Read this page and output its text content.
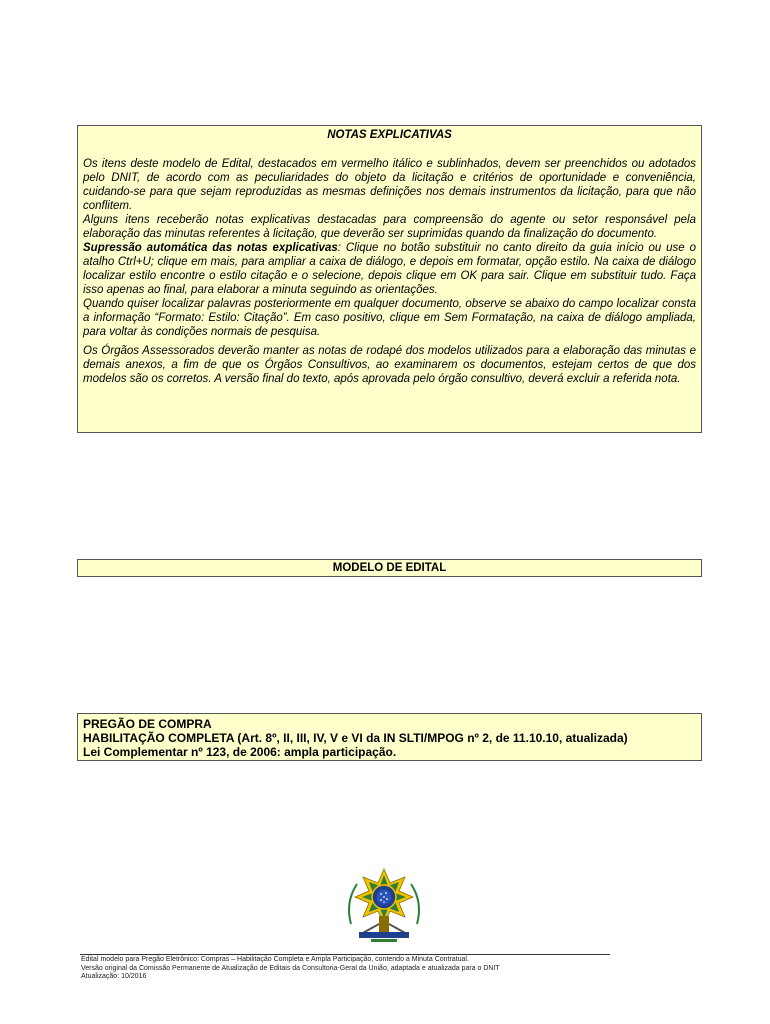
NOTAS EXPLICATIVAS

Os itens deste modelo de Edital, destacados em vermelho itálico e sublinhados, devem ser preenchidos ou adotados pelo DNIT, de acordo com as peculiaridades do objeto da licitação e critérios de oportunidade e conveniência, cuidando-se para que sejam reproduzidas as mesmas definições nos demais instrumentos da licitação, para que não conflitem.

Alguns itens receberão notas explicativas destacadas para compreensão do agente ou setor responsável pela elaboração das minutas referentes à licitação, que deverão ser suprimidas quando da finalização do documento.

Supressão automática das notas explicativas: Clique no botão substituir no canto direito da guia início ou use o atalho Ctrl+U; clique em mais, para ampliar a caixa de diálogo, e depois em formatar, opção estilo. Na caixa de diálogo localizar estilo encontre o estilo citação e o selecione, depois clique em OK para sair. Clique em substituir tudo. Faça isso apenas ao final, para elaborar a minuta seguindo as orientações.

Quando quiser localizar palavras posteriormente em qualquer documento, observe se abaixo do campo localizar consta a informação “Formato: Estilo: Citação”. Em caso positivo, clique em Sem Formatação, na caixa de diálogo ampliada, para voltar às condições normais de pesquisa.

Os Órgãos Assessorados deverão manter as notas de rodapé dos modelos utilizados para a elaboração das minutas e demais anexos, a fim de que os Órgãos Consultivos, ao examinarem os documentos, estejam certos de que dos modelos são os corretos. A versão final do texto, após aprovada pelo órgão consultivo, deverá excluir a referida nota.

MODELO DE EDITAL
PREGÃO DE COMPRA
HABILITAÇÃO COMPLETA (Art. 8º, II, III, IV, V e VI da IN SLTI/MPOG nº 2, de 11.10.10, atualizada)
Lei Complementar nº 123, de 2006: ampla participação.
Edital modelo para Pregão Eletrônico: Compras – Habilitação Completa e Ampla Participação, contendo a Minuta Contratual.
Versão original da Comissão Permanente de Atualização de Editais da Consultoria-Geral da União, adaptada e atualizada para o DNIT
Atualização: 10/2016
